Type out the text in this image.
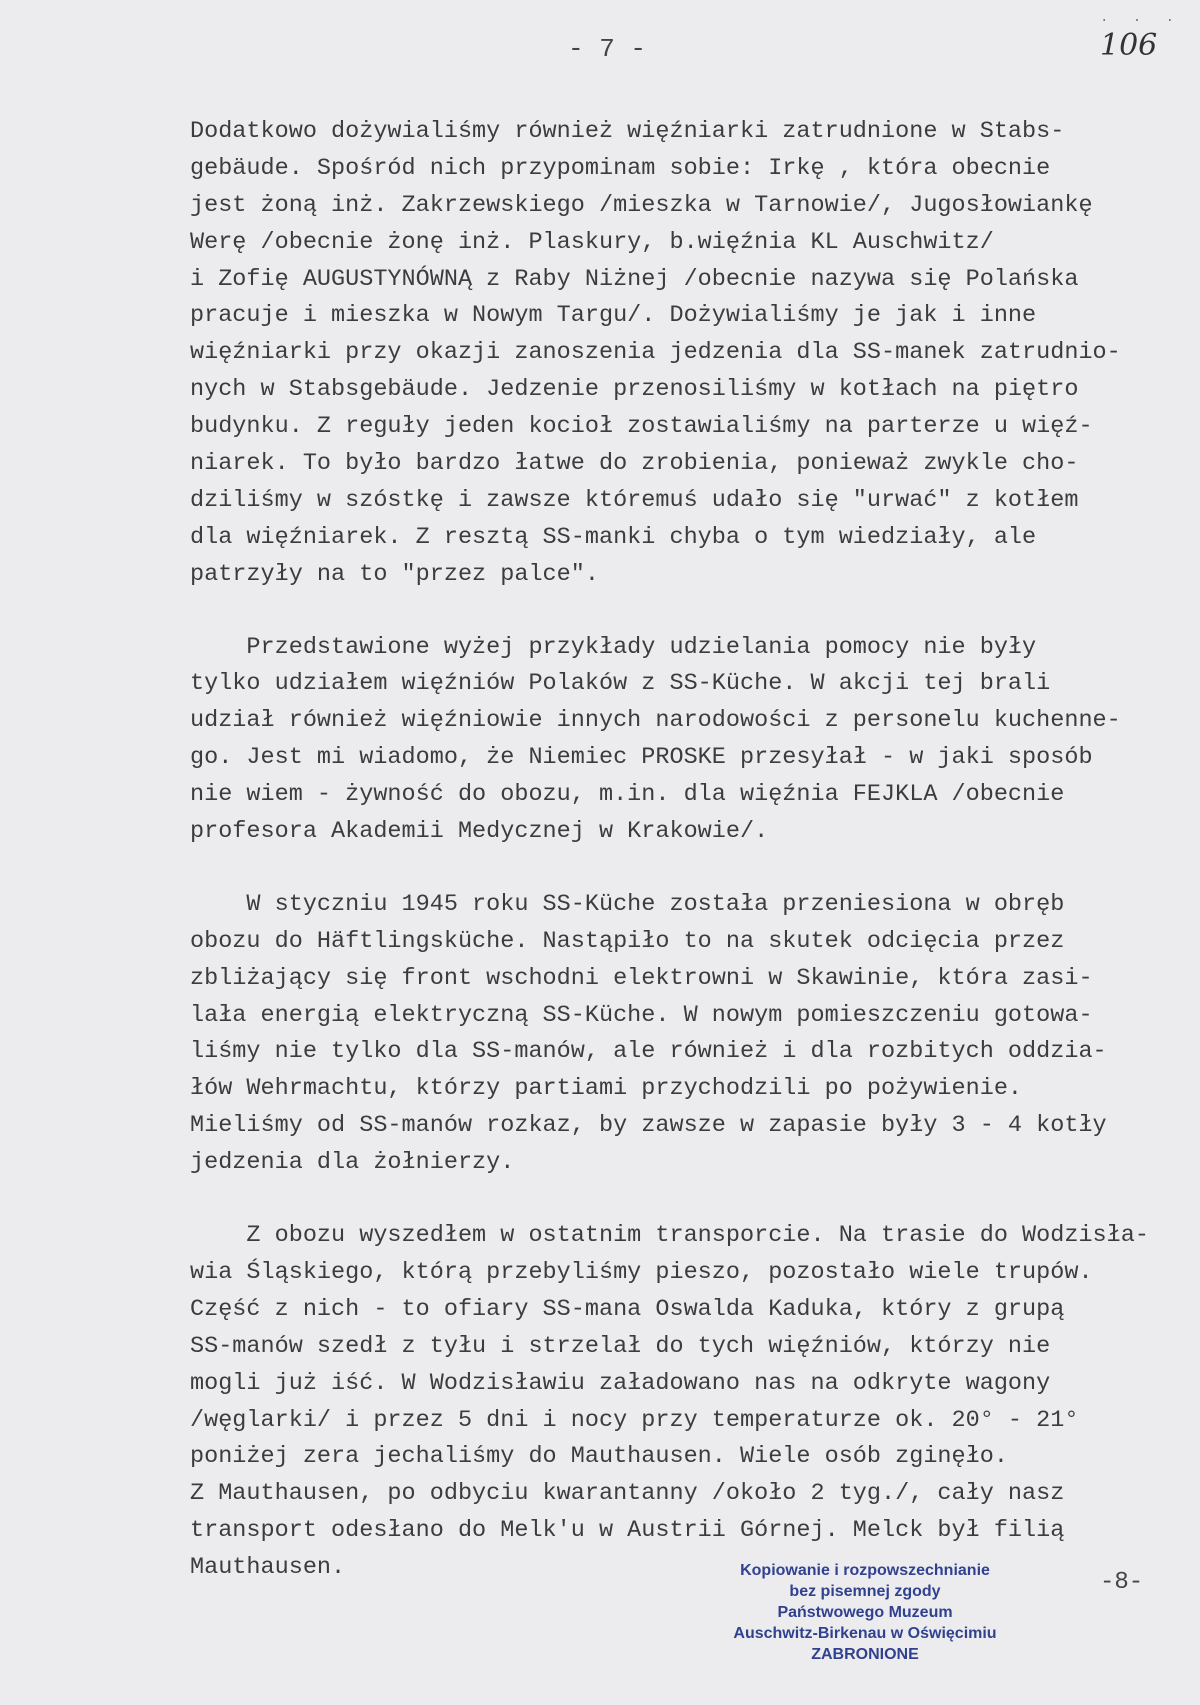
. . .
- 7 -	106
Dodatkowo dożywialiśmy również więźniarki zatrudnione w Stabs-
gebäude. Spośród nich przypominam sobie: Irkę , która obecnie
jest żoną inż. Zakrzewskiego /mieszka w Tarnowie/, Jugosłowiankę
Werę /obecnie żonę inż. Plaskury, b.więźnia KL Auschwitz/
i Zofię AUGUSTYNÓWNĄ z Raby Niżnej /obecnie nazywa się Polańska
pracuje i mieszka w Nowym Targu/. Dożywialiśmy je jak i inne
więźniarki przy okazji zanoszenia jedzenia dla SS-manek zatrudnio-
nych w Stabsgebäude. Jedzenie przenosiliśmy w kotłach na piętro
budynku. Z reguły jeden kocioł zostawialiśmy na parterze u więź-
niarek. To było bardzo łatwe do zrobienia, ponieważ zwykle cho-
dziliśmy w szóstkę i zawsze któremuś udało się "urwać" z kotłem
dla więźniarek. Z resztą SS-manki chyba o tym wiedziały, ale
patrzyły na to "przez palce".
Przedstawione wyżej przykłady udzielania pomocy nie były
tylko udziałem więźniów Polaków z SS-Küche. W akcji tej brali
udział również więźniowie innych narodowości z personelu kuchenne-
go. Jest mi wiadomo, że Niemiec PROSKE przesyłał - w jaki sposób
nie wiem - żywność do obozu, m.in. dla więźnia FEJKLA /obecnie
profesora Akademii Medycznej w Krakowie/.
W styczniu 1945 roku SS-Küche została przeniesiona w obręb
obozu do Häftlingsküche. Nastąpiło to na skutek odcięcia przez
zbliżający się front wschodni elektrowni w Skawinie, która zasi-
lała energią elektryczną SS-Küche. W nowym pomieszczeniu gotowa-
liśmy nie tylko dla SS-manów, ale również i dla rozbitych oddzia-
łów Wehrmachtu, którzy partiami przychodzili po pożywienie.
Mieliśmy od SS-manów rozkaz, by zawsze w zapasie były 3 - 4 kotły
jedzenia dla żołnierzy.
Z obozu wyszedłem w ostatnim transporcie. Na trasie do Wodzisła-
wia Śląskiego, którą przebyliśmy pieszo, pozostało wiele trupów.
Część z nich - to ofiary SS-mana Oswalda Kaduka, który z grupą
SS-manów szedł z tyłu i strzelał do tych więźniów, którzy nie
mogli już iść. W Wodzisławiu załadowano nas na odkryte wagony
/węglarki/ i przez 5 dni i nocy przy temperaturze ok. 20° - 21°
poniżej zera jechaliśmy do Mauthausen. Wiele osób zginęło.
Z Mauthausen, po odbyciu kwarantanny /około 2 tyg./, cały nasz
transport odesłano do Melk'u w Austrii Górnej. Melck był filią
Mauthausen.	Kopiowanie i rozpowszechnianie
bez pisemnej zgody
Państwowego Muzeum
Auschwitz-Birkenau w Oświęcimiu
ZABRONIONE
-8-
